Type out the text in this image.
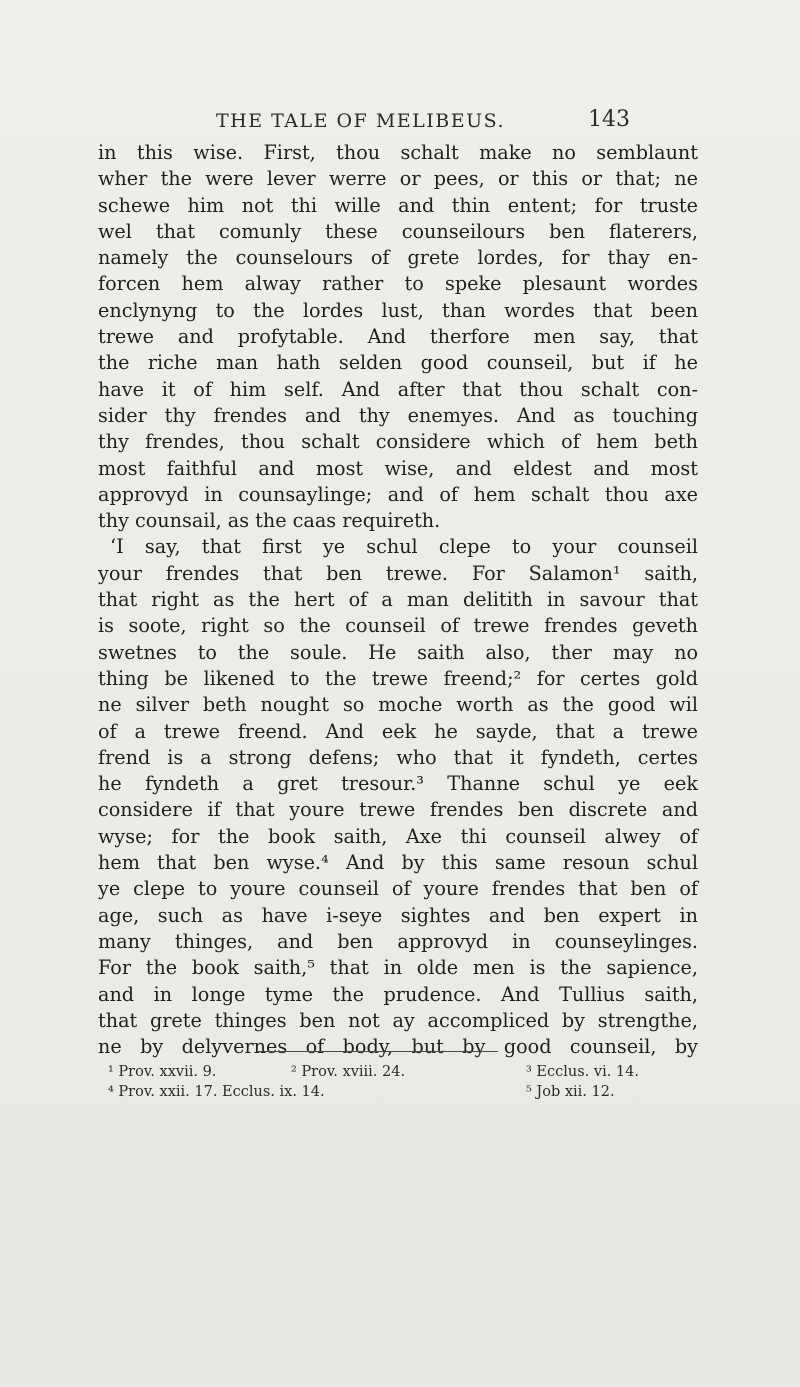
THE TALE OF MELIBEUS.	143
in this wise. First, thou schalt make no semblaunt
wher the were lever werre or pees, or this or that; ne
schewe him not thi wille and thin entent; for truste
wel that comunly these counseilours ben flaterers,
namely the counselours of grete lordes, for thay en-
forcen hem alway rather to speke plesaunt wordes
enclynyng to the lordes lust, than wordes that been
trewe and profytable. And therfore men say, that
the riche man hath selden good counseil, but if he
have it of him self. And after that thou schalt con-
sider thy frendes and thy enemyes. And as touching
thy frendes, thou schalt considere which of hem beth
most faithful and most wise, and eldest and most
approvyd in counsaylinge; and of hem schalt thou axe
thy counsail, as the caas requireth.
‘I say, that first ye schul clepe to your counseil
your frendes that ben trewe. For Salamon¹ saith,
that right as the hert of a man delitith in savour that
is soote, right so the counseil of trewe frendes geveth
swetnes to the soule. He saith also, ther may no
thing be likened to the trewe freend;² for certes gold
ne silver beth nought so moche worth as the good wil
of a trewe freend. And eek he sayde, that a trewe
frend is a strong defens; who that it fyndeth, certes
he fyndeth a gret tresour.³ Thanne schul ye eek
considere if that youre trewe frendes ben discrete and
wyse; for the book saith, Axe thi counseil alwey of
hem that ben wyse.⁴ And by this same resoun schul
ye clepe to youre counseil of youre frendes that ben of
age, such as have i-seye sightes and ben expert in
many thinges, and ben approvyd in counseylinges.
For the book saith,⁵ that in olde men is the sapience,
and in longe tyme the prudence. And Tullius saith,
that grete thinges ben not ay accompliced by strengthe,
ne by delyvernes of body, but by good counseil, by
¹ Prov. xxvii. 9.	² Prov. xviii. 24.	³ Ecclus. vi. 14.
⁴ Prov. xxii. 17. Ecclus. ix. 14.	⁵ Job xii. 12.
